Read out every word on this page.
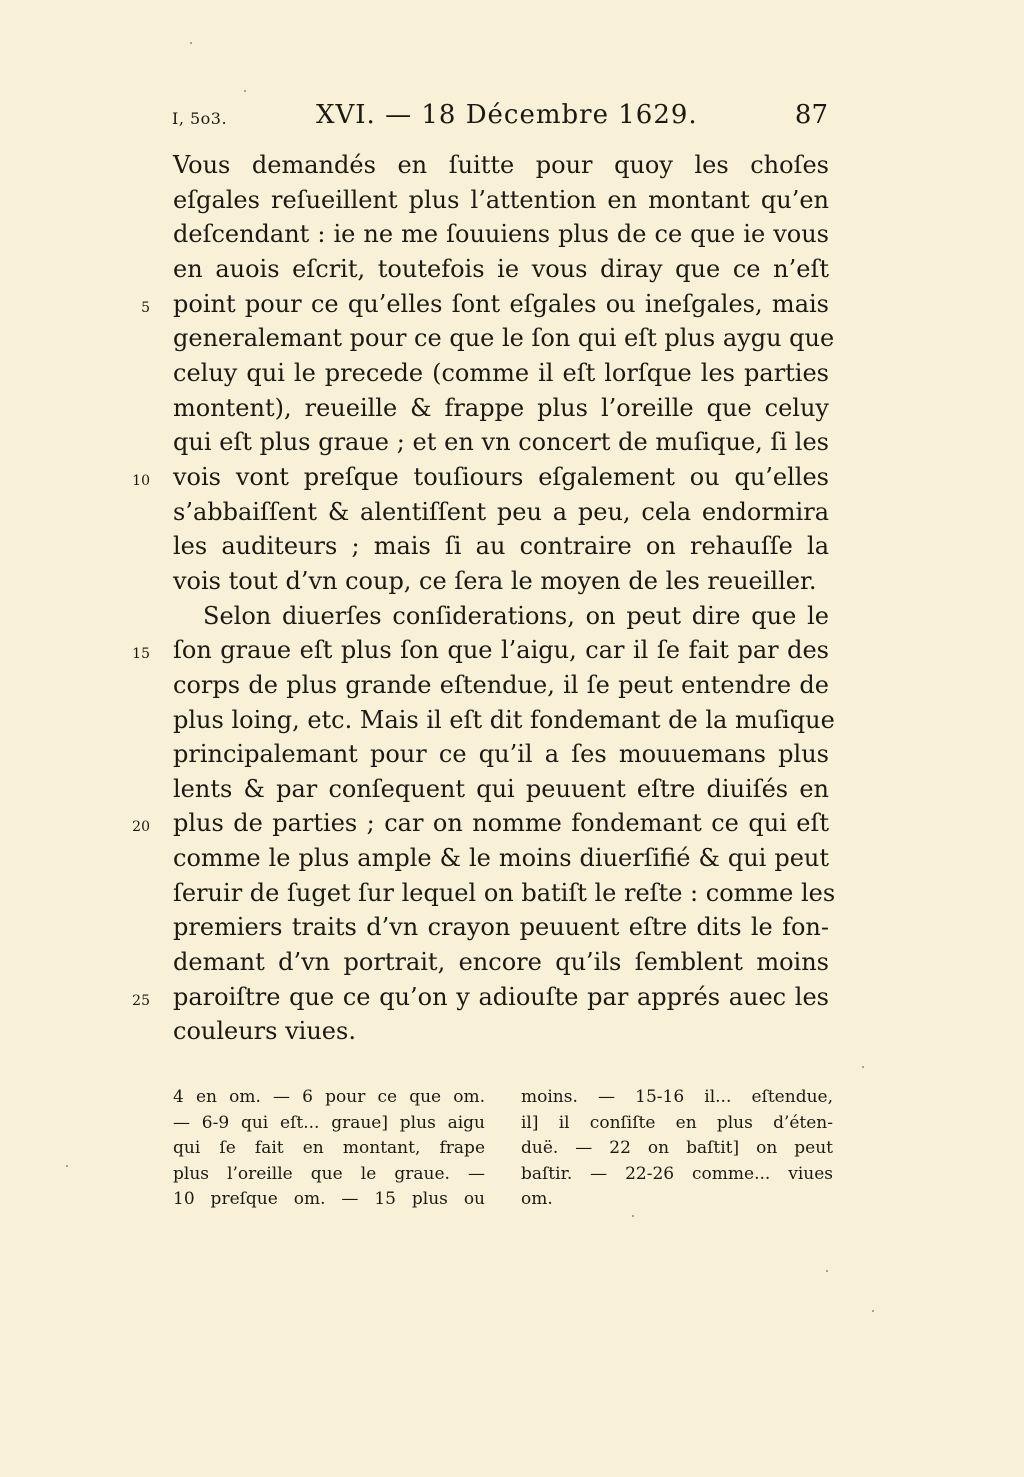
I, 5o3.	XVI. — 18 Décembre 1629.	87
Vous demandés en ſuitte pour quoy les choſes
eſgales reſueillent plus l’attention en montant qu’en
deſcendant : ie ne me ſouuiens plus de ce que ie vous
en auois eſcrit, toutefois ie vous diray que ce n’eſt
5 point pour ce qu’elles ſont eſgales ou ineſgales, mais
generalemant pour ce que le ſon qui eſt plus aygu que
celuy qui le precede (comme il eſt lorſque les parties
montent), reueille & frappe plus l’oreille que celuy
qui eſt plus graue ; et en vn concert de muſique, ſi les
10 vois vont preſque touſiours eſgalement ou qu’elles
s’abbaiſſent & alentiſſent peu a peu, cela endormira
les auditeurs ; mais ſi au contraire on rehauſſe la
vois tout d’vn coup, ce ſera le moyen de les reueiller.
Selon diuerſes conſiderations, on peut dire que le
15 ſon graue eſt plus ſon que l’aigu, car il ſe fait par des
corps de plus grande eſtendue, il ſe peut entendre de
plus loing, etc. Mais il eſt dit fondemant de la muſique
principalemant pour ce qu’il a ſes mouuemans plus
lents & par conſequent qui peuuent eſtre diuiſés en
20 plus de parties ; car on nomme fondemant ce qui eſt
comme le plus ample & le moins diuerſifié & qui peut
ſeruir de ſuget ſur lequel on batiſt le reſte : comme les
premiers traits d’vn crayon peuuent eſtre dits le fon-
demant d’vn portrait, encore qu’ils ſemblent moins
25 paroiſtre que ce qu’on y adiouſte par apprés auec les
couleurs viues.
4 en om. — 6 pour ce que om.
— 6-9 qui eſt... graue] plus aigu
qui ſe fait en montant, frape
plus l’oreille que le graue. —
10 preſque om. — 15 plus ou
moins. — 15-16 il... eſtendue,
il] il conſiſte en plus d’éten-
duë. — 22 on baſtit] on peut
baſtir. — 22-26 comme... viues
om.
